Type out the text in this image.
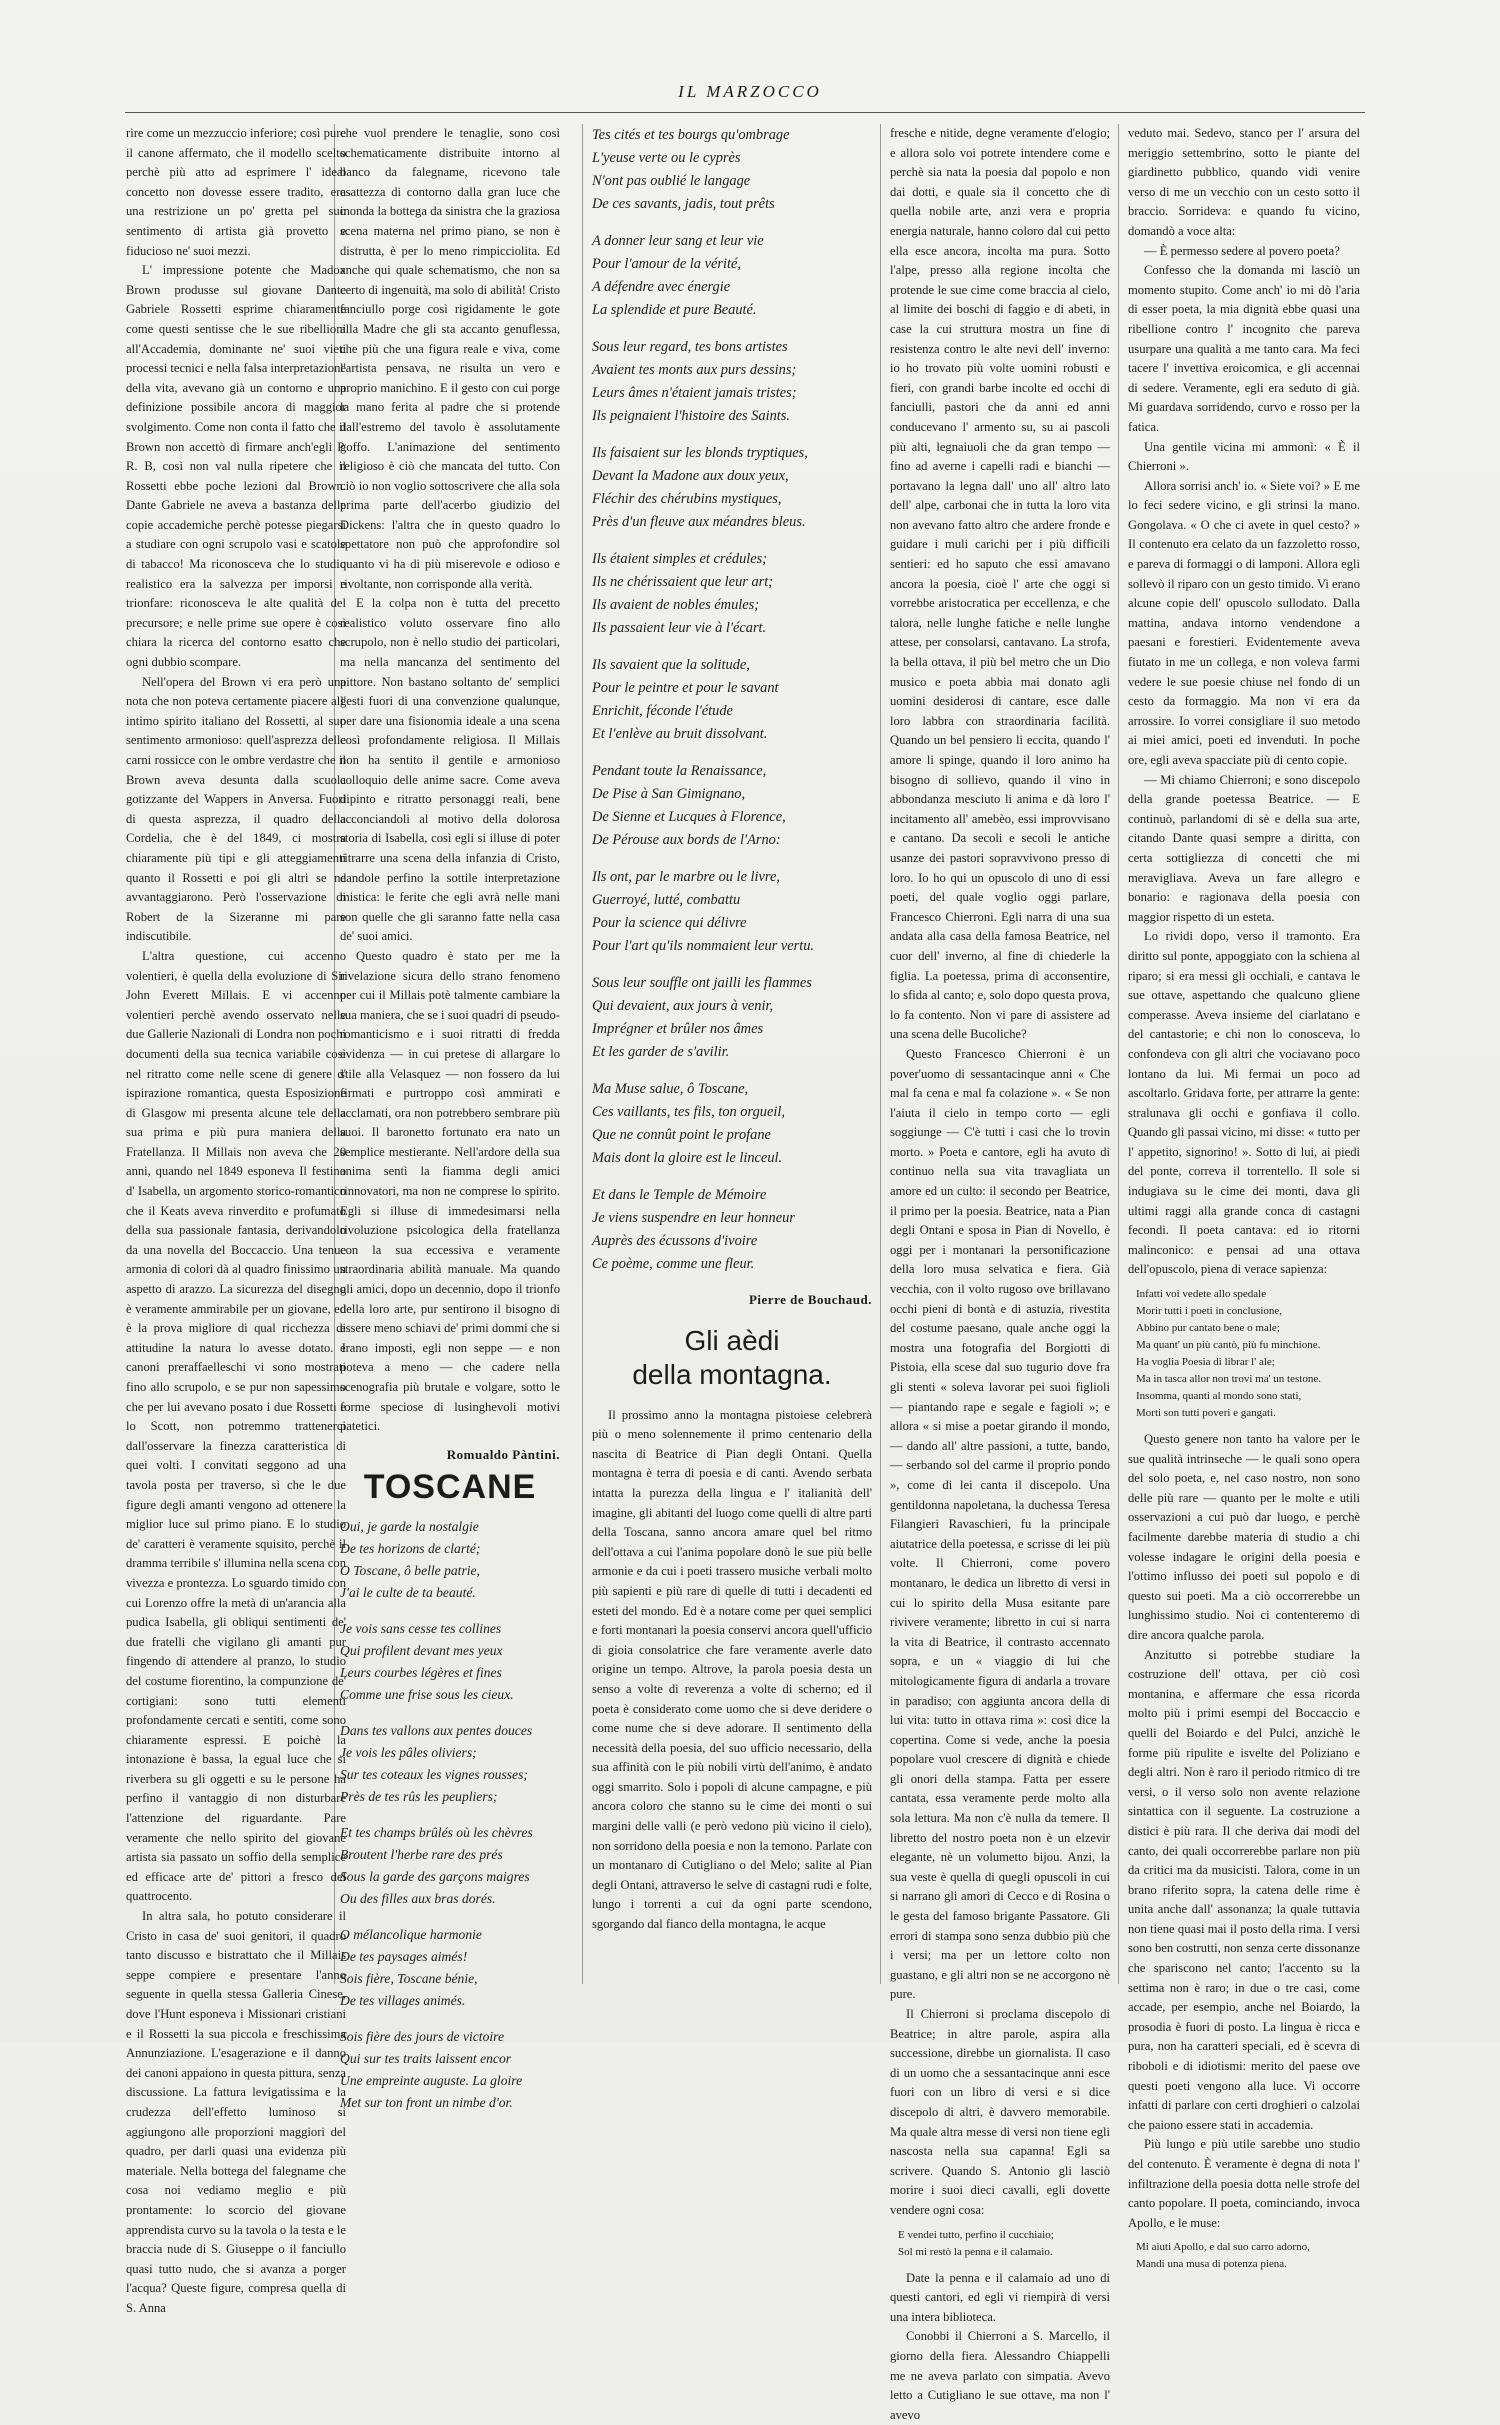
IL MARZOCCO

rire come un mezzuccio inferiore; così pure il canone affermato, che il modello scelto perchè più atto ad esprimere l' ideal concetto non dovesse essere tradito, era una restrizione un po' gretta pel suo sentimento di artista già provetto e fiducioso ne' suoi mezzi.

L' impressione potente che Madox Brown produsse sul giovane Dante Gabriele Rossetti esprime chiaramente come questi sentisse che le sue ribellioni all'Accademia, dominante ne' suoi vieti processi tecnici e nella falsa interpretazione della vita, avevano già un contorno e una definizione possibile ancora di maggior svolgimento. Come non conta il fatto che il Brown non accettò di firmare anch'egli P. R. B, così non val nulla ripetere che il Rossetti ebbe poche lezioni dal Brown. Dante Gabriele ne aveva a bastanza delle copie accademiche perchè potesse piegarsi a studiare con ogni scrupolo vasi e scatole di tabacco! Ma riconosceva che lo studio realistico era la salvezza per imporsi e trionfare: riconosceva le alte qualità del precursore; e nelle prime sue opere è così chiara la ricerca del contorno esatto che ogni dubbio scompare.

Nell'opera del Brown vi era però una nota che non poteva certamente piacere all' intimo spirito italiano del Rossetti, al suo sentimento armonioso: quell'asprezza delle carni rossicce con le ombre verdastre che il Brown aveva desunta dalla scuola gotizzante del Wappers in Anversa. Fuori di questa asprezza, il quadro della Cordelia, che è del 1849, ci mostra chiaramente più tipi e gli atteggiamenti quanto il Rossetti e poi gli altri se ne avvantaggiarono. Però l'osservazione di Robert de la Sizeranne mi pare indiscutibile.

L'altra questione, cui accenno volentieri, è quella della evoluzione di Sir John Everett Millais. E vi accenno volentieri perchè avendo osservato nelle due Gallerie Nazionali di Londra non pochi documenti della sua tecnica variabile così nel ritratto come nelle scene di genere d' ispirazione romantica, questa Esposizione di Glasgow mi presenta alcune tele della sua prima e più pura maniera della Fratellanza. Il Millais non aveva che 20 anni, quando nel 1849 esponeva Il festino d' Isabella, un argomento storico-romantico che il Keats aveva rinverdito e profumato della sua passionale fantasia, derivandolo da una novella del Boccaccio. Una tenue armonia di colori dà al quadro finissimo un aspetto di arazzo. La sicurezza del disegno è veramente ammirabile per un giovane, ed è la prova migliore di qual ricchezza di attitudine la natura lo avesse dotato. I canoni preraffaelleschi vi sono mostrati fino allo scrupolo, e se pur non sapessimo che per lui avevano posato i due Rossetti e lo Scott, non potremmo trattenerci dall'osservare la finezza caratteristica di quei volti. I convitati seggono ad una tavola posta per traverso, sì che le due figure degli amanti vengono ad ottenere la miglior luce sul primo piano. E lo studio de' caratteri è veramente squisito, perchè il dramma terribile s' illumina nella scena con vivezza e prontezza. Lo sguardo timido con cui Lorenzo offre la metà di un'arancia alla pudica Isabella, gli obliqui sentimenti de' due fratelli che vigilano gli amanti pur fingendo di attendere al pranzo, lo studio del costume fiorentino, la compunzione de' cortigiani: sono tutti elementi profondamente cercati e sentiti, come sono chiaramente espressi. E poichè la intonazione è bassa, la egual luce che si riverbera su gli oggetti e su le persone ha perfino il vantaggio di non disturbare l'attenzione del riguardante. Pare veramente che nello spirito del giovane artista sia passato un soffio della semplice ed efficace arte de' pittori a fresco del quattrocento.

In altra sala, ho potuto considerare il Cristo in casa de' suoi genitori, il quadro tanto discusso e bistrattato che il Millais seppe compiere e presentare l'anno seguente in quella stessa Galleria Cinese, dove l'Hunt esponeva i Missionari cristiani e il Rossetti la sua piccola e freschissima Annunziazione. L'esagerazione e il danno dei canoni appaiono in questa pittura, senza discussione. La fattura levigatissima e la crudezza dell'effetto luminoso si aggiungono alle proporzioni maggiori del quadro, per darli quasi una evidenza più materiale. Nella bottega del falegname che cosa noi vediamo meglio e più prontamente: lo scorcio del giovane apprendista curvo su la tavola o la testa e le braccia nude di S. Giuseppe o il fanciullo quasi tutto nudo, che si avanza a porger l'acqua? Queste figure, compresa quella di S. Anna

che vuol prendere le tenaglie, sono così schematicamente distribuite intorno al banco da falegname, ricevono tale esattezza di contorno dalla gran luce che inonda la bottega da sinistra che la graziosa scena materna nel primo piano, se non è distrutta, è per lo meno rimpicciolita. Ed anche qui quale schematismo, che non sa certo di ingenuità, ma solo di abilità! Cristo fanciullo porge così rigidamente le gote alla Madre che gli sta accanto genuflessa, che più che una figura reale e viva, come l'artista pensava, ne risulta un vero e proprio manichino. E il gesto con cui porge la mano ferita al padre che si protende dall'estremo del tavolo è assolutamente goffo. L'animazione del sentimento religioso è ciò che mancata del tutto. Con ciò io non voglio sottoscrivere che alla sola prima parte dell'acerbo giudizio del Dickens: l'altra che in questo quadro lo spettatore non può che approfondire sol quanto vi ha di più miserevole e odioso e rivoltante, non corrisponde alla verità.

E la colpa non è tutta del precetto realistico voluto osservare fino allo scrupolo, non è nello studio dei particolari, ma nella mancanza del sentimento del pittore. Non bastano soltanto de' semplici gesti fuori di una convenzione qualunque, per dare una fisionomia ideale a una scena così profondamente religiosa. Il Millais non ha sentito il gentile e armonioso colloquio delle anime sacre. Come aveva dipinto e ritratto personaggi reali, bene acconciandoli al motivo della dolorosa storia di Isabella, così egli si illuse di poter ritrarre una scena della infanzia di Cristo, dandole perfino la sottile interpretazione mistica: le ferite che egli avrà nelle mani son quelle che gli saranno fatte nella casa de' suoi amici.

Questo quadro è stato per me la rivelazione sicura dello strano fenomeno per cui il Millais potè talmente cambiare la sua maniera, che se i suoi quadri di pseudo-romanticismo e i suoi ritratti di fredda evidenza — in cui pretese di allargare lo stile alla Velasquez — non fossero da lui firmati e purtroppo così ammirati e acclamati, ora non potrebbero sembrare più suoi. Il baronetto fortunato era nato un semplice mestierante. Nell'ardore della sua anima sentì la fiamma degli amici rinnovatori, ma non ne comprese lo spirito. Egli si illuse di immedesimarsi nella rivoluzione psicologica della fratellanza con la sua eccessiva e veramente straordinaria abilità manuale. Ma quando gli amici, dopo un decennio, dopo il trionfo della loro arte, pur sentirono il bisogno di essere meno schiavi de' primi dommi che si erano imposti, egli non seppe — e non poteva a meno — che cadere nella scenografia più brutale e volgare, sotto le forme speciose di lusinghevoli motivi patetici.

Romualdo Pàntini.
TOSCANE
Oui, je garde la nostalgie
De tes horizons de clarté;
O Toscane, ô belle patrie,
J'ai le culte de ta beauté.
Je vois sans cesse tes collines
Qui profilent devant mes yeux
Leurs courbes légères et fines
Comme une frise sous les cieux.
Dans tes vallons aux pentes douces
Je vois les pâles oliviers;
Sur tes coteaux les vignes rousses;
Près de tes rûs les peupliers;
Et tes champs brûlés où les chèvres
Broutent l'herbe rare des prés
Sous la garde des garçons maigres
Ou des filles aux bras dorés.
O mélancolique harmonie
De tes paysages aimés!
Sois fière, Toscane bénie,
De tes villages animés.
Sois fière des jours de victoire
Qui sur tes traits laissent encor
Une empreinte auguste. La gloire
Met sur ton front un nimbe d'or.
Tes cités et tes bourgs qu'ombrage
L'yeuse verte ou le cyprès
N'ont pas oublié le langage
De ces savants, jadis, tout prêts
A donner leur sang et leur vie
Pour l'amour de la vérité,
A défendre avec énergie
La splendide et pure Beauté.
Sous leur regard, tes bons artistes
Avaient tes monts aux purs dessins;
Leurs âmes n'étaient jamais tristes;
Ils peignaient l'histoire des Saints.
Ils faisaient sur les blonds tryptiques,
Devant la Madone aux doux yeux,
Fléchir des chérubins mystiques,
Près d'un fleuve aux méandres bleus.
Ils étaient simples et crédules;
Ils ne chérissaient que leur art;
Ils avaient de nobles émules;
Ils passaient leur vie à l'écart.
Ils savaient que la solitude,
Pour le peintre et pour le savant
Enrichit, féconde l'étude
Et l'enlève au bruit dissolvant.
Pendant toute la Renaissance,
De Pise à San Gimignano,
De Sienne et Lucques à Florence,
De Pérouse aux bords de l'Arno:
Ils ont, par le marbre ou le livre,
Guerroyé, lutté, combattu
Pour la science qui délivre
Pour l'art qu'ils nommaient leur vertu.
Sous leur souffle ont jailli les flammes
Qui devaient, aux jours à venir,
Imprégner et brûler nos âmes
Et les garder de s'avilir.
Ma Muse salue, ô Toscane,
Ces vaillants, tes fils, ton orgueil,
Que ne connût point le profane
Mais dont la gloire est le linceul.
Et dans le Temple de Mémoire
Je viens suspendre en leur honneur
Auprès des écussons d'ivoire
Ce poème, comme une fleur.
Pierre de Bouchaud.
Gli aèdi
della montagna.

Il prossimo anno la montagna pistoiese celebrerà più o meno solennemente il primo centenario della nascita di Beatrice di Pian degli Ontani. Quella montagna è terra di poesia e di canti. Avendo serbata intatta la purezza della lingua e l' italianità dell' imagine, gli abitanti del luogo come quelli di altre parti della Toscana, sanno ancora amare quel bel ritmo dell'ottava a cui l'anima popolare donò le sue più belle armonie e da cui i poeti trassero musiche verbali molto più sapienti e più rare di quelle di tutti i decadenti ed esteti del mondo. Ed è a notare come per quei semplici e forti montanari la poesia conservi ancora quell'ufficio di gioia consolatrice che fare veramente averle dato origine un tempo. Altrove, la parola poesia desta un senso a volte di reverenza a volte di scherno; ed il poeta è considerato come uomo che si deve deridere o come nume che si deve adorare. Il sentimento della necessità della poesia, del suo ufficio necessario, della sua affinità con le più nobili virtù dell'animo, è andato oggi smarrito. Solo i popoli di alcune campagne, e più ancora coloro che stanno su le cime dei monti o sui margini delle valli (e però vedono più vicino il cielo), non sorridono della poesia e non la temono. Parlate con un montanaro di Cutigliano o del Melo; salite al Pian degli Ontani, attraverso le selve di castagni rudi e folte, lungo i torrenti a cui da ogni parte scendono, sgorgando dal fianco della montagna, le acque

fresche e nitide, degne veramente d'elogio; e allora solo voi potrete intendere come e perchè sia nata la poesia dal popolo e non dai dotti, e quale sia il concetto che di quella nobile arte, anzi vera e propria energia naturale, hanno coloro dal cui petto ella esce ancora, incolta ma pura. Sotto l'alpe, presso alla regione incolta che protende le sue cime come braccia al cielo, al limite dei boschi di faggio e di abeti, in case la cui struttura mostra un fine di resistenza contro le alte nevi dell' inverno: io ho trovato più volte uomini robusti e fieri, con grandi barbe incolte ed occhi di fanciulli, pastori che da anni ed anni conducevano l' armento su, su ai pascoli più alti, legnaiuoli che da gran tempo — fino ad averne i capelli radi e bianchi — portavano la legna dall' uno all' altro lato dell' alpe, carbonai che in tutta la loro vita non avevano fatto altro che ardere fronde e guidare i muli carichi per i più difficili sentieri: ed ho saputo che essi amavano ancora la poesia, cioè l' arte che oggi si vorrebbe aristocratica per eccellenza, e che talora, nelle lunghe fatiche e nelle lunghe attese, per consolarsi, cantavano. La strofa, la bella ottava, il più bel metro che un Dio musico e poeta abbia mai donato agli uomini desiderosi di cantare, esce dalle loro labbra con straordinaria facilità. Quando un bel pensiero li eccita, quando l' amore li spinge, quando il loro animo ha bisogno di sollievo, quando il vino in abbondanza mesciuto li anima e dà loro l' incitamento all' amebèo, essi improvvisano e cantano. Da secoli e secoli le antiche usanze dei pastori sopravvivono presso di loro. Io ho qui un opuscolo di uno di essi poeti, del quale voglio oggi parlare, Francesco Chierroni. Egli narra di una sua andata alla casa della famosa Beatrice, nel cuor dell' inverno, al fine di chiederle la figlia. La poetessa, prima di acconsentire, lo sfida al canto; e, solo dopo questa prova, lo fa contento. Non vi pare di assistere ad una scena delle Bucoliche?

Questo Francesco Chierroni è un pover'uomo di sessantacinque anni « Che mal fa cena e mal fa colazione ». « Se non l'aiuta il cielo in tempo corto — egli soggiunge — C'è tutti i casi che lo trovin morto. » Poeta e cantore, egli ha avuto di continuo nella sua vita travagliata un amore ed un culto: il secondo per Beatrice, il primo per la poesia. Beatrice, nata a Pian degli Ontani e sposa in Pian di Novello, è oggi per i montanari la personificazione della loro musa selvatica e fiera. Già vecchia, con il volto rugoso ove brillavano occhi pieni di bontà e di astuzia, rivestita del costume paesano, quale anche oggi la mostra una fotografia del Borgiotti di Pistoia, ella scese dal suo tugurio dove fra gli stenti « soleva lavorar pei suoi figlioli — piantando rape e segale e fagioli »; e allora « si mise a poetar girando il mondo, — dando all' altre passioni, a tutte, bando, — serbando sol del carme il proprio pondo », come di lei canta il discepolo. Una gentildonna napoletana, la duchessa Teresa Filangieri Ravaschieri, fu la principale aiutatrice della poetessa, e scrisse di lei più volte. Il Chierroni, come povero montanaro, le dedica un libretto di versi in cui lo spirito della Musa esitante pare rivivere veramente; libretto in cui si narra la vita di Beatrice, il contrasto accennato sopra, e un « viaggio di lui che mitologicamente figura di andarla a trovare in paradiso; con aggiunta ancora della di lui vita: tutto in ottava rima »: così dice la copertina. Come si vede, anche la poesia popolare vuol crescere di dignità e chiede gli onori della stampa. Fatta per essere cantata, essa veramente perde molto alla sola lettura. Ma non c'è nulla da temere. Il libretto del nostro poeta non è un elzevir elegante, nè un volumetto bijou. Anzi, la sua veste è quella di quegli opuscoli in cui si narrano gli amori di Cecco e di Rosina o le gesta del famoso brigante Passatore. Gli errori di stampa sono senza dubbio più che i versi; ma per un lettore colto non guastano, e gli altri non se ne accorgono nè pure.

Il Chierroni si proclama discepolo di Beatrice; in altre parole, aspira alla successione, direbbe un giornalista. Il caso di un uomo che a sessantacinque anni esce fuori con un libro di versi e si dice discepolo di altri, è davvero memorabile. Ma quale altra messe di versi non tiene egli nascosta nella sua capanna! Egli sa scrivere. Quando S. Antonio gli lasciò morire i suoi dieci cavalli, egli dovette vendere ogni cosa:

E vendei tutto, perfino il cucchiaio;
Sol mi restò la penna e il calamaio.

Date la penna e il calamaio ad uno di questi cantori, ed egli vi riempirà di versi una intera biblioteca.

Conobbi il Chierroni a S. Marcello, il giorno della fiera. Alessandro Chiappelli me ne aveva parlato con simpatia. Avevo letto a Cutigliano le sue ottave, ma non l' avevo

veduto mai. Sedevo, stanco per l' arsura del meriggio settembrino, sotto le piante del giardinetto pubblico, quando vidi venire verso di me un vecchio con un cesto sotto il braccio. Sorrideva: e quando fu vicino, domandò a voce alta:

— È permesso sedere al povero poeta?

Confesso che la domanda mi lasciò un momento stupito. Come anch' io mi dò l'aria di esser poeta, la mia dignità ebbe quasi una ribellione contro l' incognito che pareva usurpare una qualità a me tanto cara. Ma feci tacere l' invettiva eroicomica, e gli accennai di sedere. Veramente, egli era seduto di già. Mi guardava sorridendo, curvo e rosso per la fatica.

Una gentile vicina mi ammonì: « È il Chierroni ».

Allora sorrisi anch' io. « Siete voi? » E me lo feci sedere vicino, e gli strinsi la mano. Gongolava. « O che ci avete in quel cesto? » Il contenuto era celato da un fazzoletto rosso, e pareva di formaggi o di lamponi. Allora egli sollevò il riparo con un gesto timido. Vi erano alcune copie dell' opuscolo sullodato. Dalla mattina, andava intorno vendendone a paesani e forestieri. Evidentemente aveva fiutato in me un collega, e non voleva farmi vedere le sue poesie chiuse nel fondo di un cesto da formaggio. Ma non vi era da arrossire. Io vorrei consigliare il suo metodo ai miei amici, poeti ed invenduti. In poche ore, egli aveva spacciate più di cento copie.

— Mi chiamo Chierroni; e sono discepolo della grande poetessa Beatrice. — E continuò, parlandomi di sè e della sua arte, citando Dante quasi sempre a diritta, con certa sottigliezza di concetti che mi meravigliava. Aveva un fare allegro e bonario: e ragionava della poesia con maggior rispetto di un esteta.

Lo rividi dopo, verso il tramonto. Era diritto sul ponte, appoggiato con la schiena al riparo; si era messi gli occhiali, e cantava le sue ottave, aspettando che qualcuno gliene comperasse. Aveva insieme del ciarlatano e del cantastorie; e chi non lo conosceva, lo confondeva con gli altri che vociavano poco lontano da lui. Mi fermai un poco ad ascoltarlo. Gridava forte, per attrarre la gente: stralunava gli occhi e gonfiava il collo. Quando gli passai vicino, mi disse: « tutto per l' appetito, signorino! ». Sotto di lui, ai piedi del ponte, correva il torrentello. Il sole si indugiava su le cime dei monti, dava gli ultimi raggi alla grande conca di castagni fecondi. Il poeta cantava: ed io ritorni malinconico: e pensai ad una ottava dell'opuscolo, piena di verace sapienza:

Infatti voi vedete allo spedale
Morir tutti i poeti in conclusione,
Abbino pur cantato bene o male;
Ma quant' un più cantò, più fu minchione.
Ha voglia Poesia di librar l' ale;
Ma in tasca allor non trovi ma' un testone.
Insomma, quanti al mondo sono stati,
Morti son tutti poveri e gangati.

Questo genere non tanto ha valore per le sue qualità intrinseche — le quali sono opera del solo poeta, e, nel caso nostro, non sono delle più rare — quanto per le molte e utili osservazioni a cui può dar luogo, e perchè facilmente darebbe materia di studio a chi volesse indagare le origini della poesia e l'ottimo influsso dei poeti sul popolo e di questo sui poeti. Ma a ciò occorrerebbe un lunghissimo studio. Noi ci contenteremo di dire ancora qualche parola.

Anzitutto si potrebbe studiare la costruzione dell' ottava, per ciò così montanina, e affermare che essa ricorda molto più i primi esempi del Boccaccio e quelli del Boiardo e del Pulci, anzichè le forme più ripulite e isvelte del Poliziano e degli altri. Non è raro il periodo ritmico di tre versi, o il verso solo non avente relazione sintattica con il seguente. La costruzione a distici è più rara. Il che deriva dai modi del canto, dei quali occorrerebbe parlare non più da critici ma da musicisti. Talora, come in un brano riferito sopra, la catena delle rime è unita anche dall' assonanza; la quale tuttavia non tiene quasi mai il posto della rima. I versi sono ben costrutti, non senza certe dissonanze che spariscono nel canto; l'accento su la settima non è raro; in due o tre casi, come accade, per esempio, anche nel Boiardo, la prosodia è fuori di posto. La lingua è ricca e pura, non ha caratteri speciali, ed è scevra di riboboli e di idiotismi: merito del paese ove questi poeti vengono alla luce. Vi occorre infatti di parlare con certi droghieri o calzolai che paiono essere stati in accademia.

Più lungo e più utile sarebbe uno studio del contenuto. È veramente è degna di nota l' infiltrazione della poesia dotta nelle strofe del canto popolare. Il poeta, cominciando, invoca Apollo, e le muse:

Mi aiuti Apollo, e dal suo carro adorno,
Mandi una musa di potenza piena.
